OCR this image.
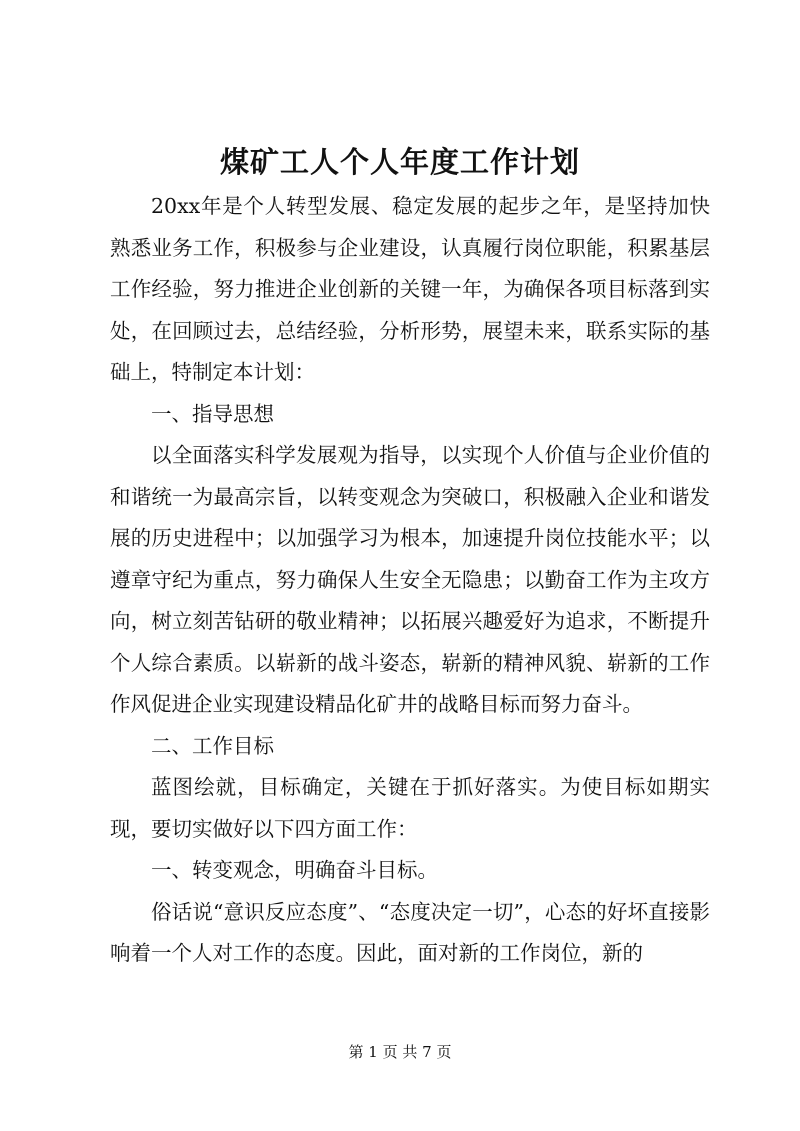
煤矿工人个人年度工作计划

20xx年是个人转型发展、稳定发展的起步之年，是坚持加快熟悉业务工作，积极参与企业建设，认真履行岗位职能，积累基层工作经验，努力推进企业创新的关键一年，为确保各项目标落到实处，在回顾过去，总结经验，分析形势，展望未来，联系实际的基础上，特制定本计划：

一、指导思想

以全面落实科学发展观为指导，以实现个人价值与企业价值的和谐统一为最高宗旨，以转变观念为突破口，积极融入企业和谐发展的历史进程中；以加强学习为根本，加速提升岗位技能水平；以遵章守纪为重点，努力确保人生安全无隐患；以勤奋工作为主攻方向，树立刻苦钻研的敬业精神；以拓展兴趣爱好为追求，不断提升个人综合素质。以崭新的战斗姿态，崭新的精神风貌、崭新的工作作风促进企业实现建设精品化矿井的战略目标而努力奋斗。

二、工作目标

蓝图绘就，目标确定，关键在于抓好落实。为使目标如期实现，要切实做好以下四方面工作：

一、转变观念，明确奋斗目标。

俗话说“意识反应态度”、“态度决定一切”，心态的好坏直接影响着一个人对工作的态度。因此，面对新的工作岗位，新的

第 1 页 共 7 页
